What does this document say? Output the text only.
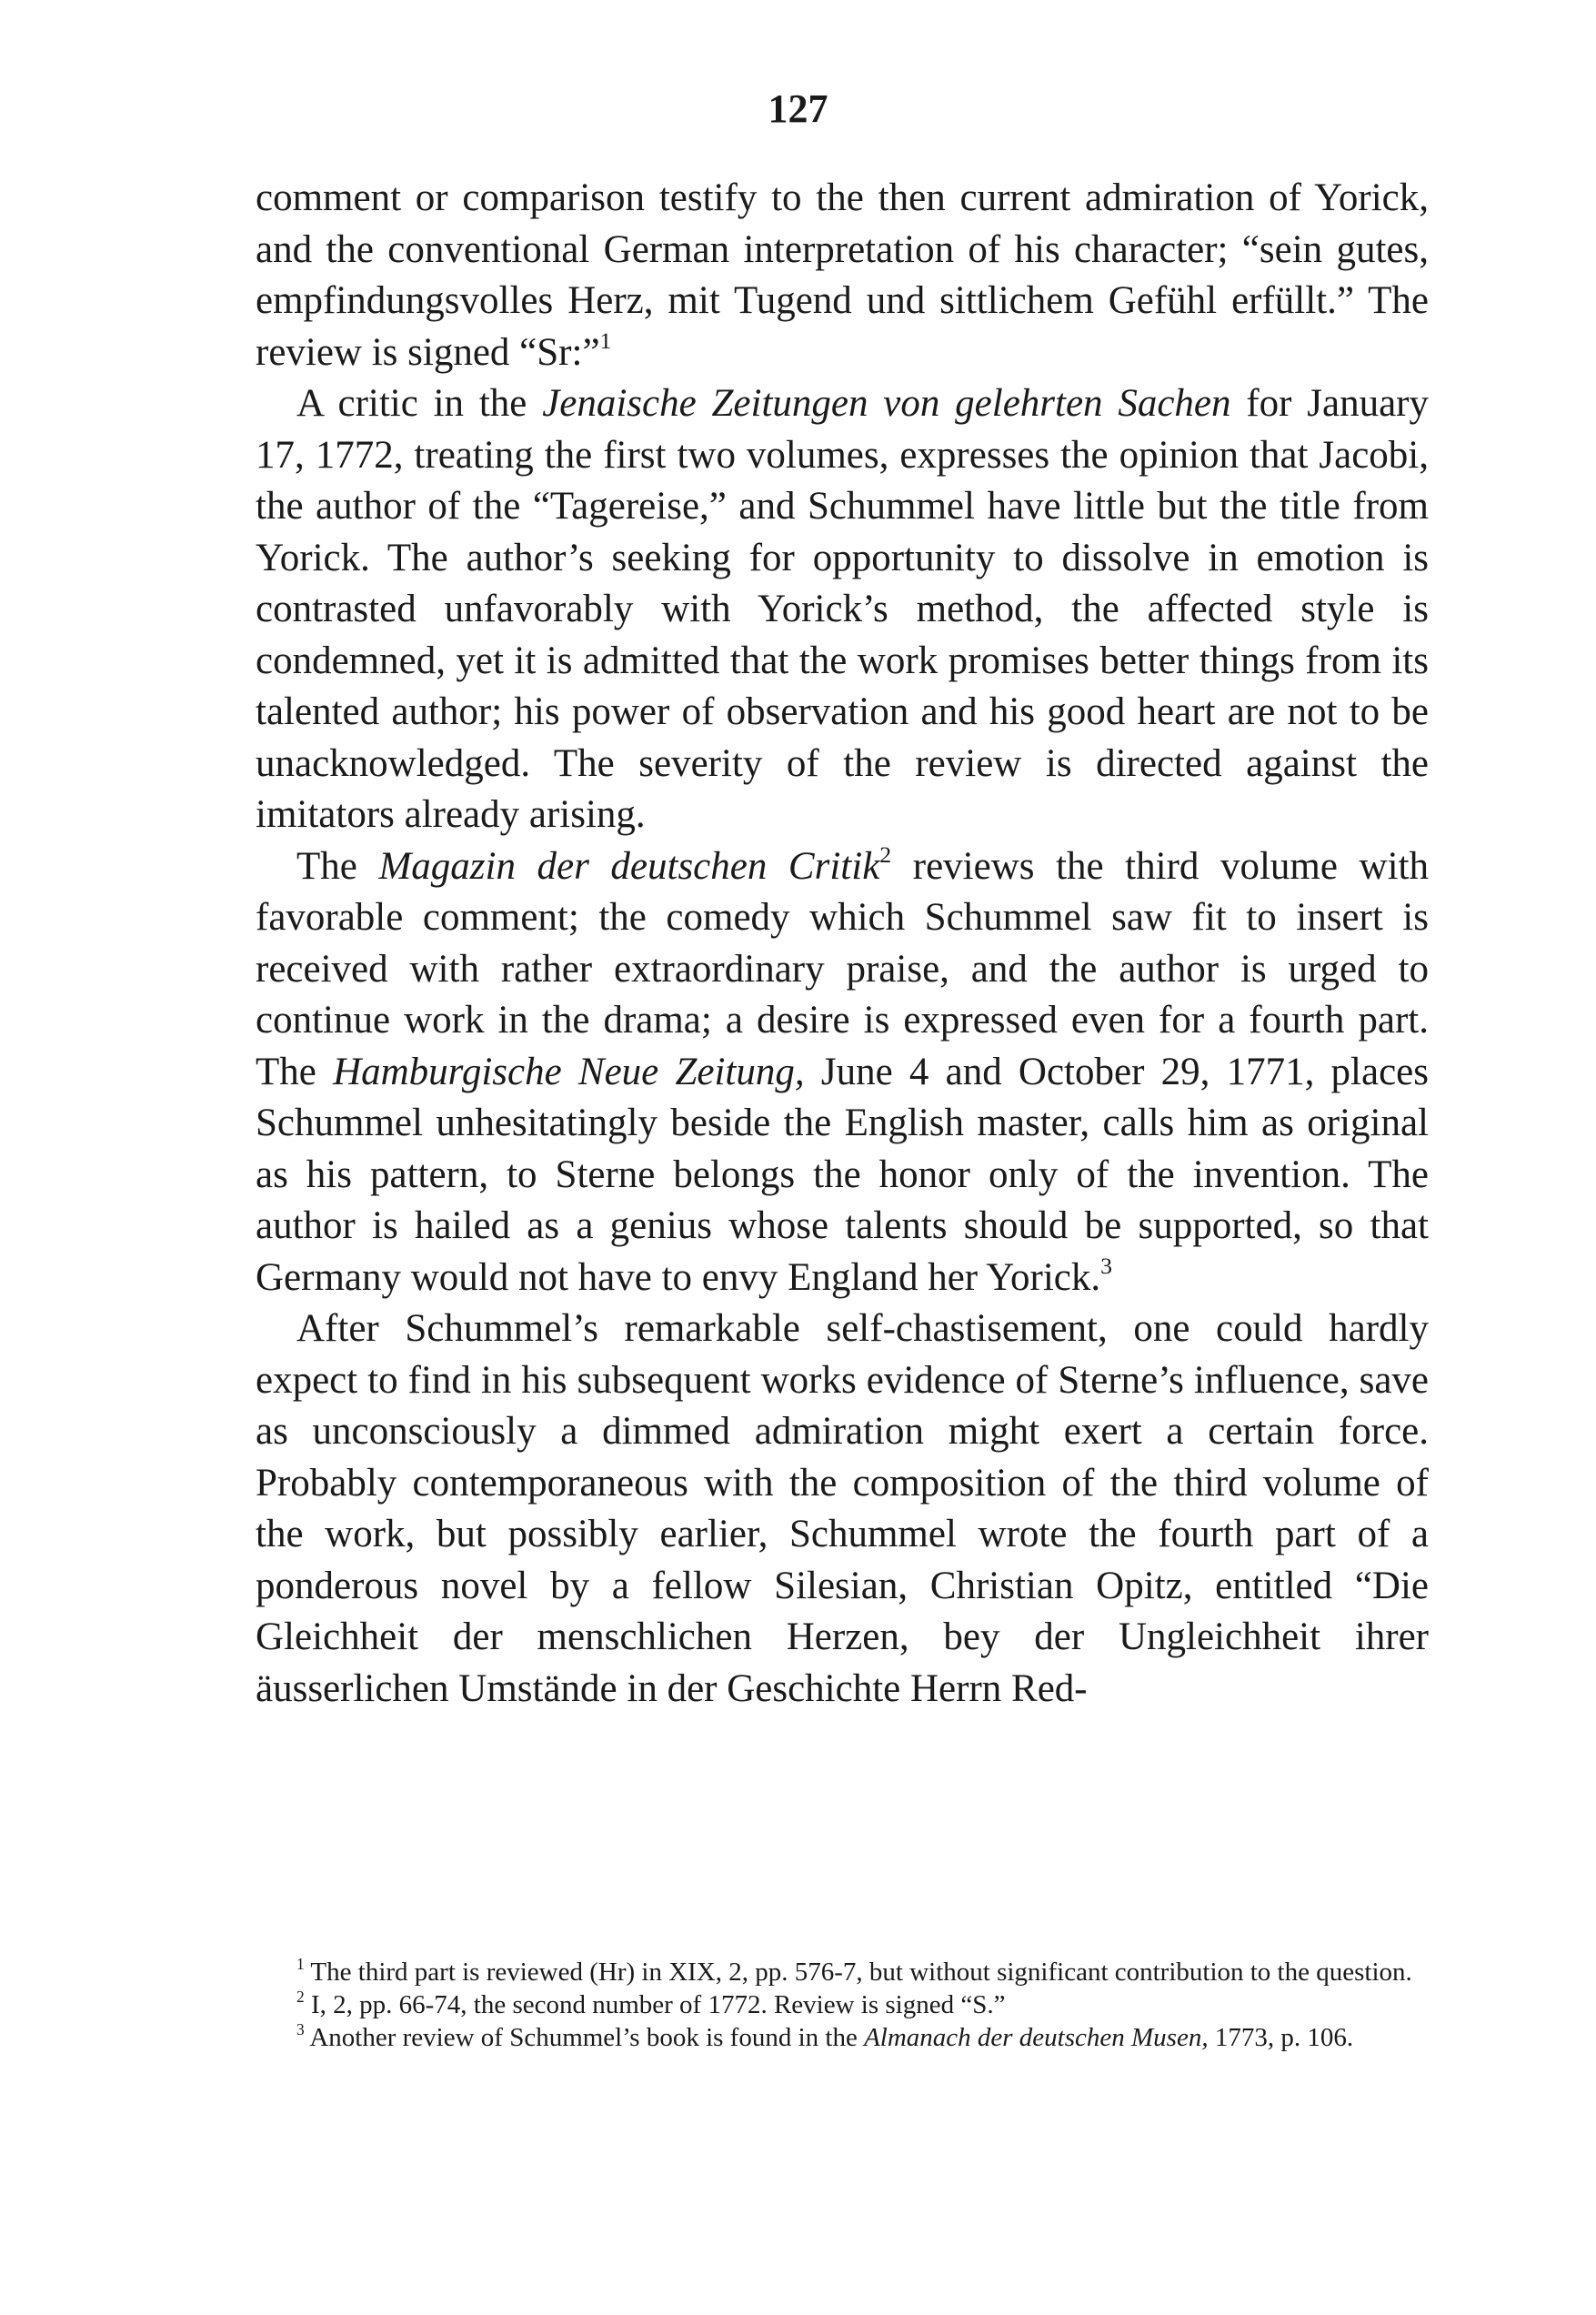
127

comment or comparison testify to the then current admiration of Yorick, and the conventional German interpretation of his character; “sein gutes, empfindungsvolles Herz, mit Tugend und sittlichem Gefühl erfüllt.” The review is signed “Sr:”$^1$

A critic in the Jenaische Zeitungen von gelehrten Sachen for January 17, 1772, treating the first two volumes, expresses the opinion that Jacobi, the author of the “Tagereise,” and Schummel have little but the title from Yorick. The author’s seeking for opportunity to dissolve in emotion is contrasted unfavorably with Yorick’s method, the affected style is condemned, yet it is admitted that the work promises better things from its talented author; his power of observation and his good heart are not to be unacknowledged. The severity of the review is directed against the imitators already arising.

The Magazin der deutschen Critik$^2$ reviews the third volume with favorable comment; the comedy which Schummel saw fit to insert is received with rather extraordinary praise, and the author is urged to continue work in the drama; a desire is expressed even for a fourth part. The Hamburgische Neue Zeitung, June 4 and October 29, 1771, places Schummel unhesitatingly beside the English master, calls him as original as his pattern, to Sterne belongs the honor only of the invention. The author is hailed as a genius whose talents should be supported, so that Germany would not have to envy England her Yorick.$^3$

After Schummel’s remarkable self-chastisement, one could hardly expect to find in his subsequent works evidence of Sterne’s influence, save as unconsciously a dimmed admiration might exert a certain force. Probably contemporaneous with the composition of the third volume of the work, but possibly earlier, Schummel wrote the fourth part of a ponderous novel by a fellow Silesian, Christian Opitz, entitled “Die Gleichheit der menschlichen Herzen, bey der Ungleichheit ihrer äusserlichen Umstände in der Geschichte Herrn Red-

$^1$ The third part is reviewed (Hr) in XIX, 2, pp. 576-7, but without significant contribution to the question.

$^2$ I, 2, pp. 66-74, the second number of 1772. Review is signed “S.”

$^3$ Another review of Schummel’s book is found in the Almanach der deutschen Musen, 1773, p. 106.
